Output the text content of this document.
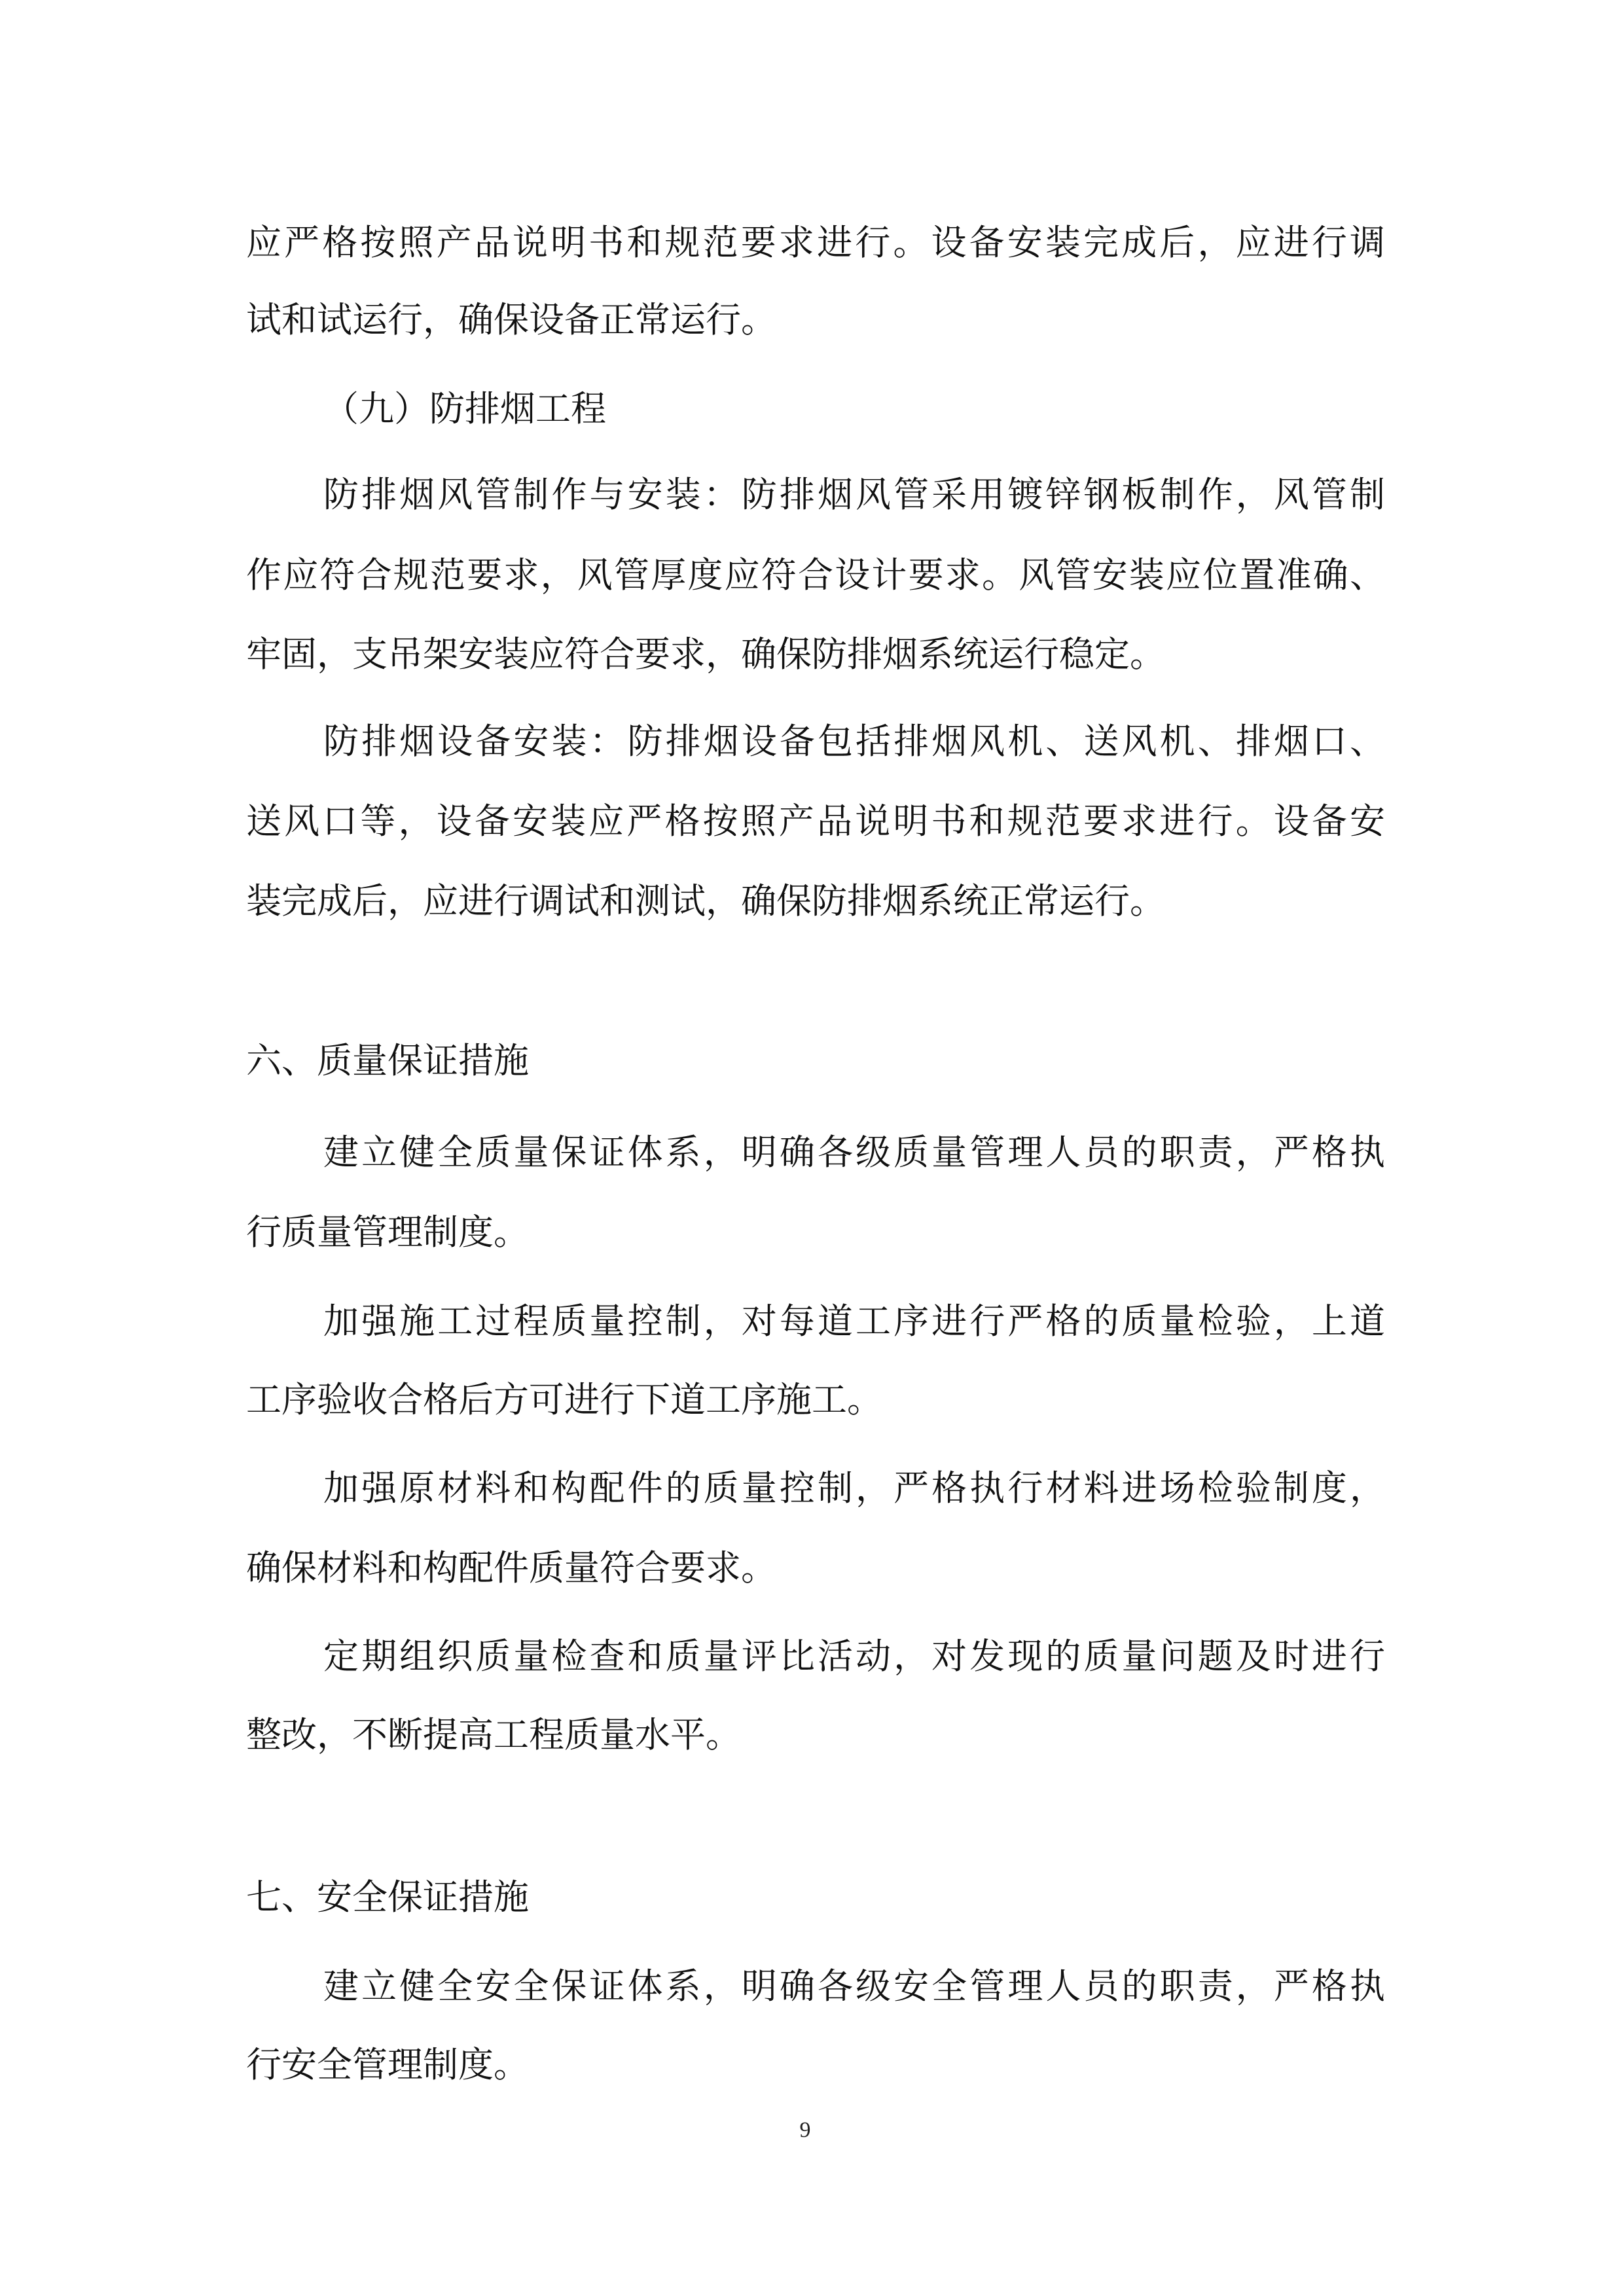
应严格按照产品说明书和规范要求进行。设备安装完成后，应进行调
试和试运行，确保设备正常运行。
（九）防排烟工程
防排烟风管制作与安装：防排烟风管采用镀锌钢板制作，风管制
作应符合规范要求，风管厚度应符合设计要求。风管安装应位置准确、
牢固，支吊架安装应符合要求，确保防排烟系统运行稳定。
防排烟设备安装：防排烟设备包括排烟风机、送风机、排烟口、
送风口等，设备安装应严格按照产品说明书和规范要求进行。设备安
装完成后，应进行调试和测试，确保防排烟系统正常运行。
六、质量保证措施
建立健全质量保证体系，明确各级质量管理人员的职责，严格执
行质量管理制度。
加强施工过程质量控制，对每道工序进行严格的质量检验，上道
工序验收合格后方可进行下道工序施工。
加强原材料和构配件的质量控制，严格执行材料进场检验制度，
确保材料和构配件质量符合要求。
定期组织质量检查和质量评比活动，对发现的质量问题及时进行
整改，不断提高工程质量水平。
七、安全保证措施
建立健全安全保证体系，明确各级安全管理人员的职责，严格执
行安全管理制度。
9
